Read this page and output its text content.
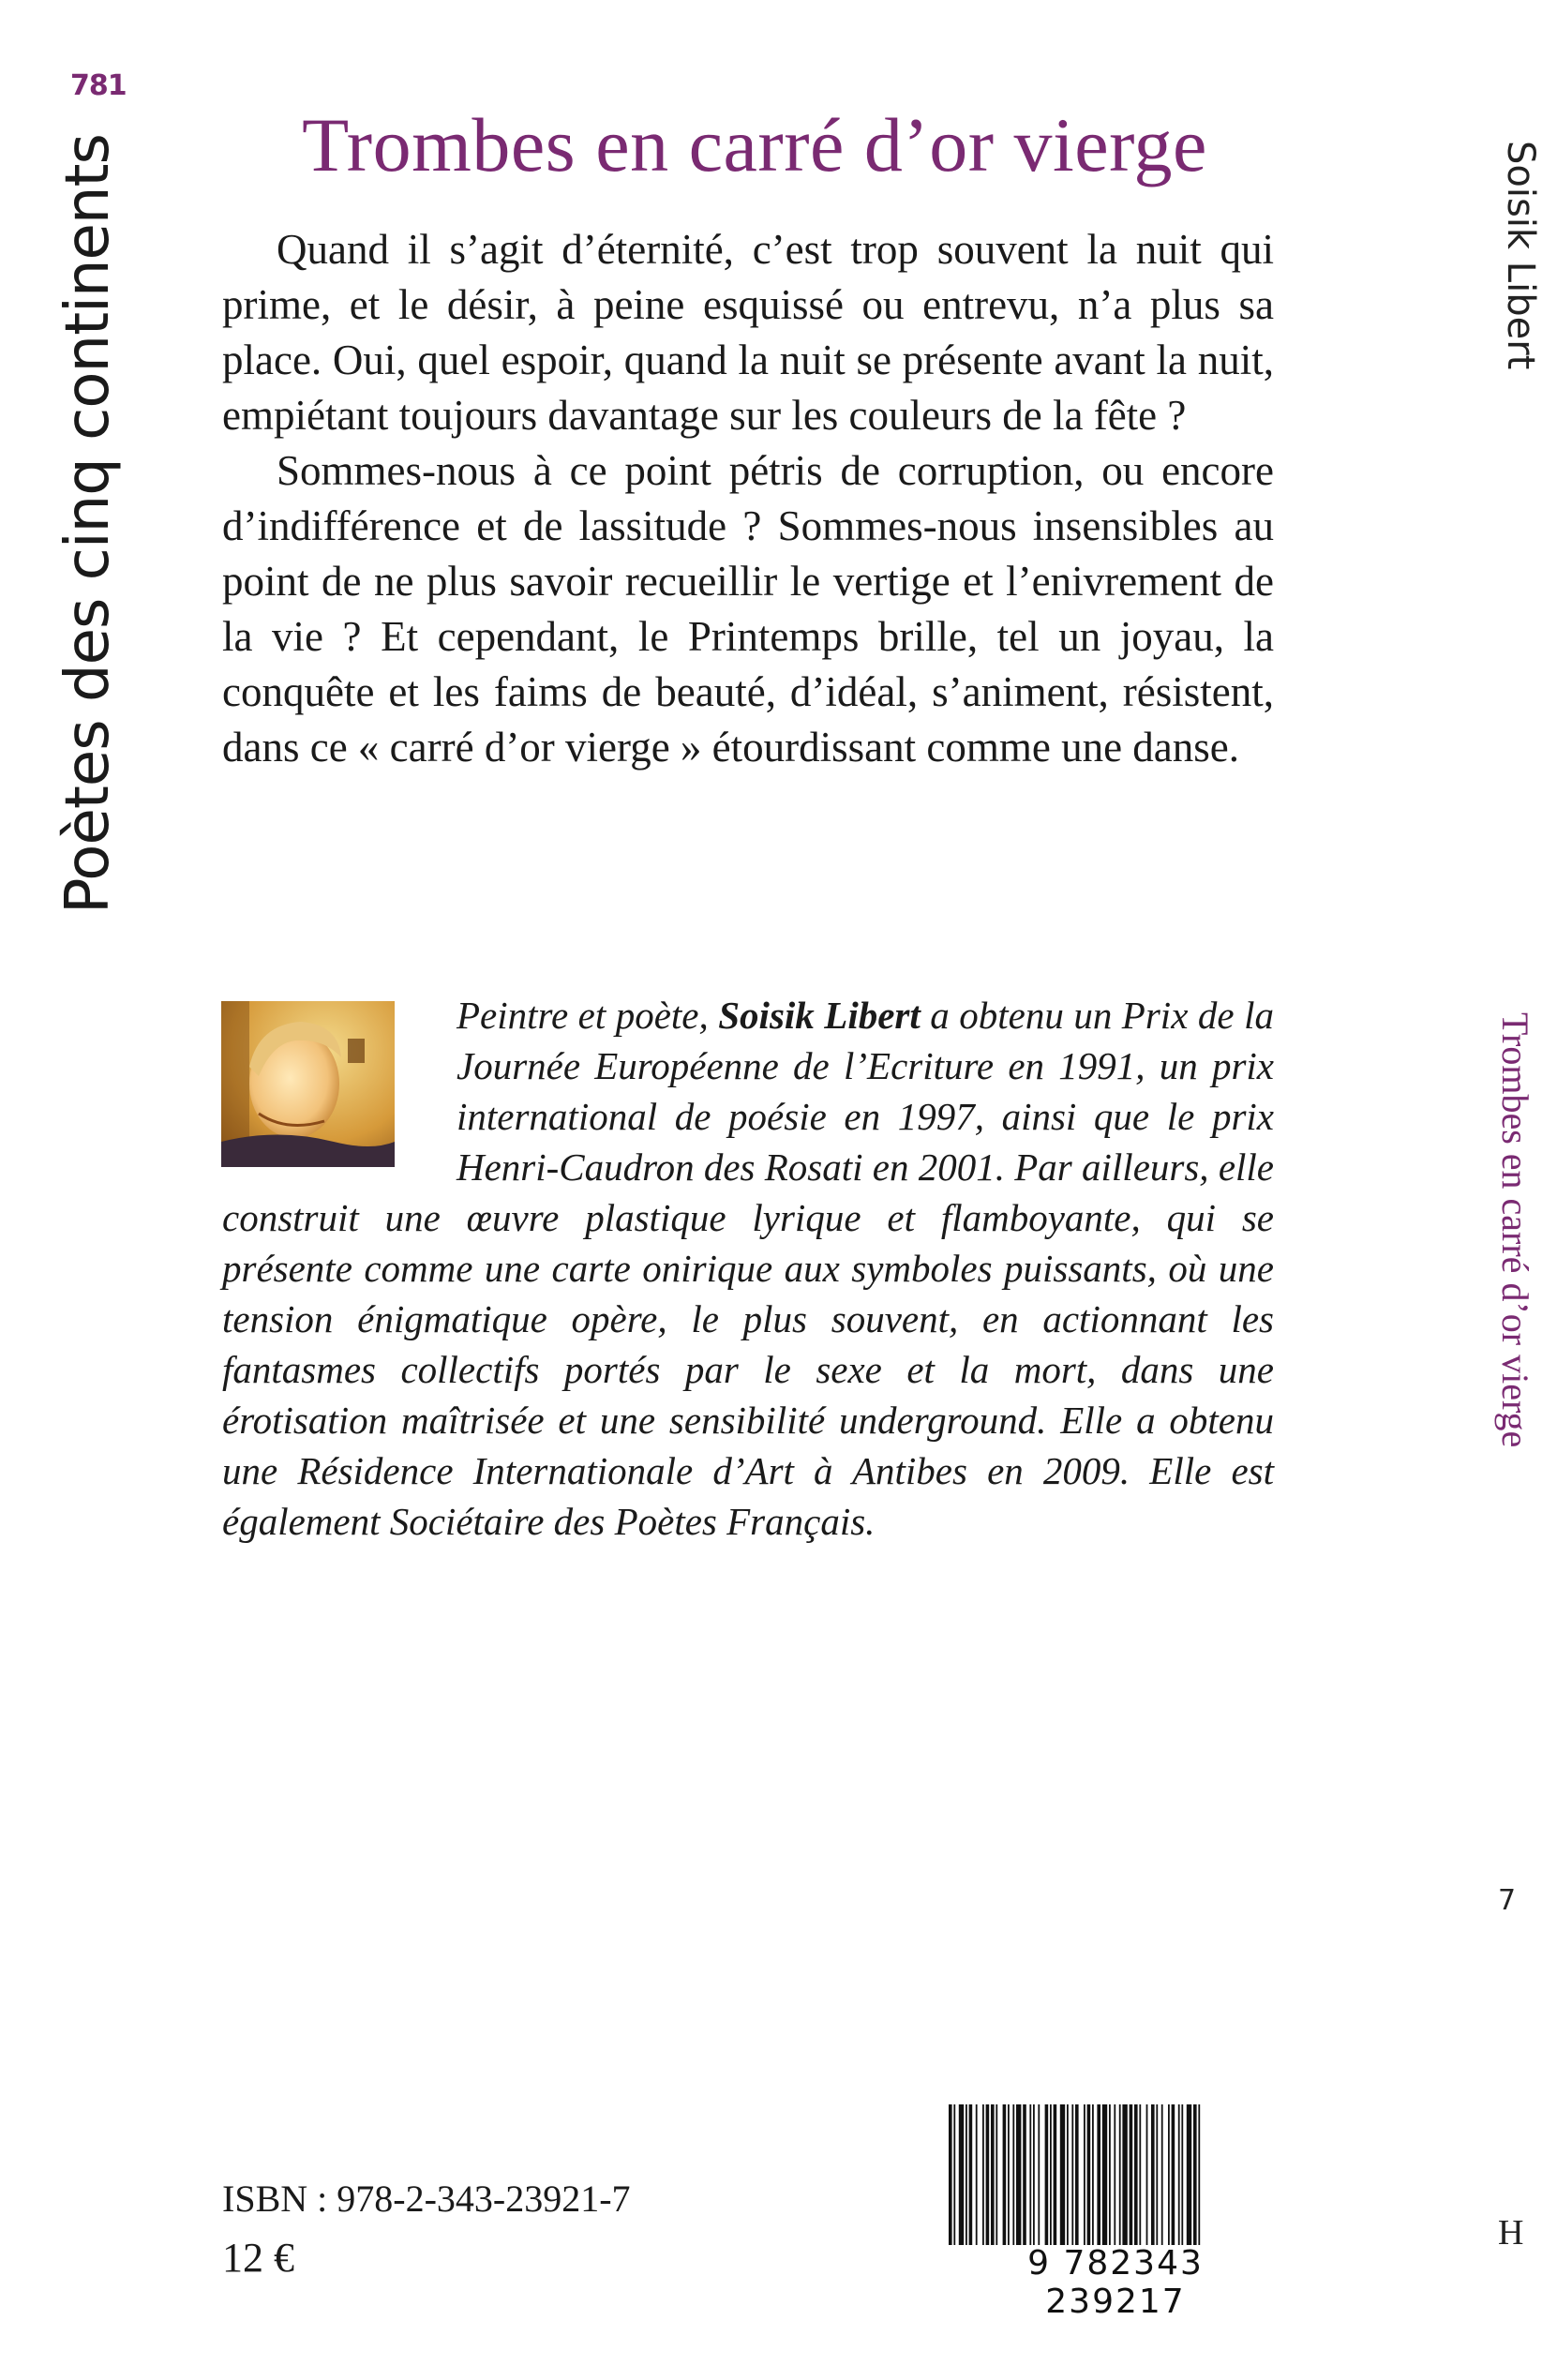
781
Poètes des cinq continents	Trombes en carré d’or vierge

Quand il s’agit d’éternité, c’est trop souvent la nuit qui prime, et le désir, à peine esquissé ou entrevu, n’a plus sa place. Oui, quel espoir, quand la nuit se présente avant la nuit, empiétant toujours davantage sur les couleurs de la fête ?

Sommes-nous à ce point pétris de corruption, ou encore d’indifférence et de lassitude ? Sommes-nous insensibles au point de ne plus savoir recueillir le vertige et l’enivrement de la vie ? Et cependant, le Printemps brille, tel un joyau, la conquête et les faims de beauté, d’idéal, s’animent, résistent, dans ce « carré d’or vierge » étourdissant comme une danse.

Peintre et poète, Soisik Libert a obtenu un Prix de la Journée Européenne de l’Ecriture en 1991, un prix international de poésie en 1997, ainsi que le prix Henri-Caudron des Rosati en 2001. Par ailleurs, elle construit une œuvre plastique lyrique et flamboyante, qui se présente comme une carte onirique aux symboles puissants, où une tension énigmatique opère, le plus souvent, en actionnant les fantasmes collectifs portés par le sexe et la mort, dans une érotisation maîtrisée et une sensibilité underground. Elle a obtenu une Résidence Internationale d’Art à Antibes en 2009. Elle est également Sociétaire des Poètes Français.
Soisik Libert
Trombes en carré d’or vierge
7
H
ISBN : 978-2-343-23921-7
12 €	9 782343 239217
